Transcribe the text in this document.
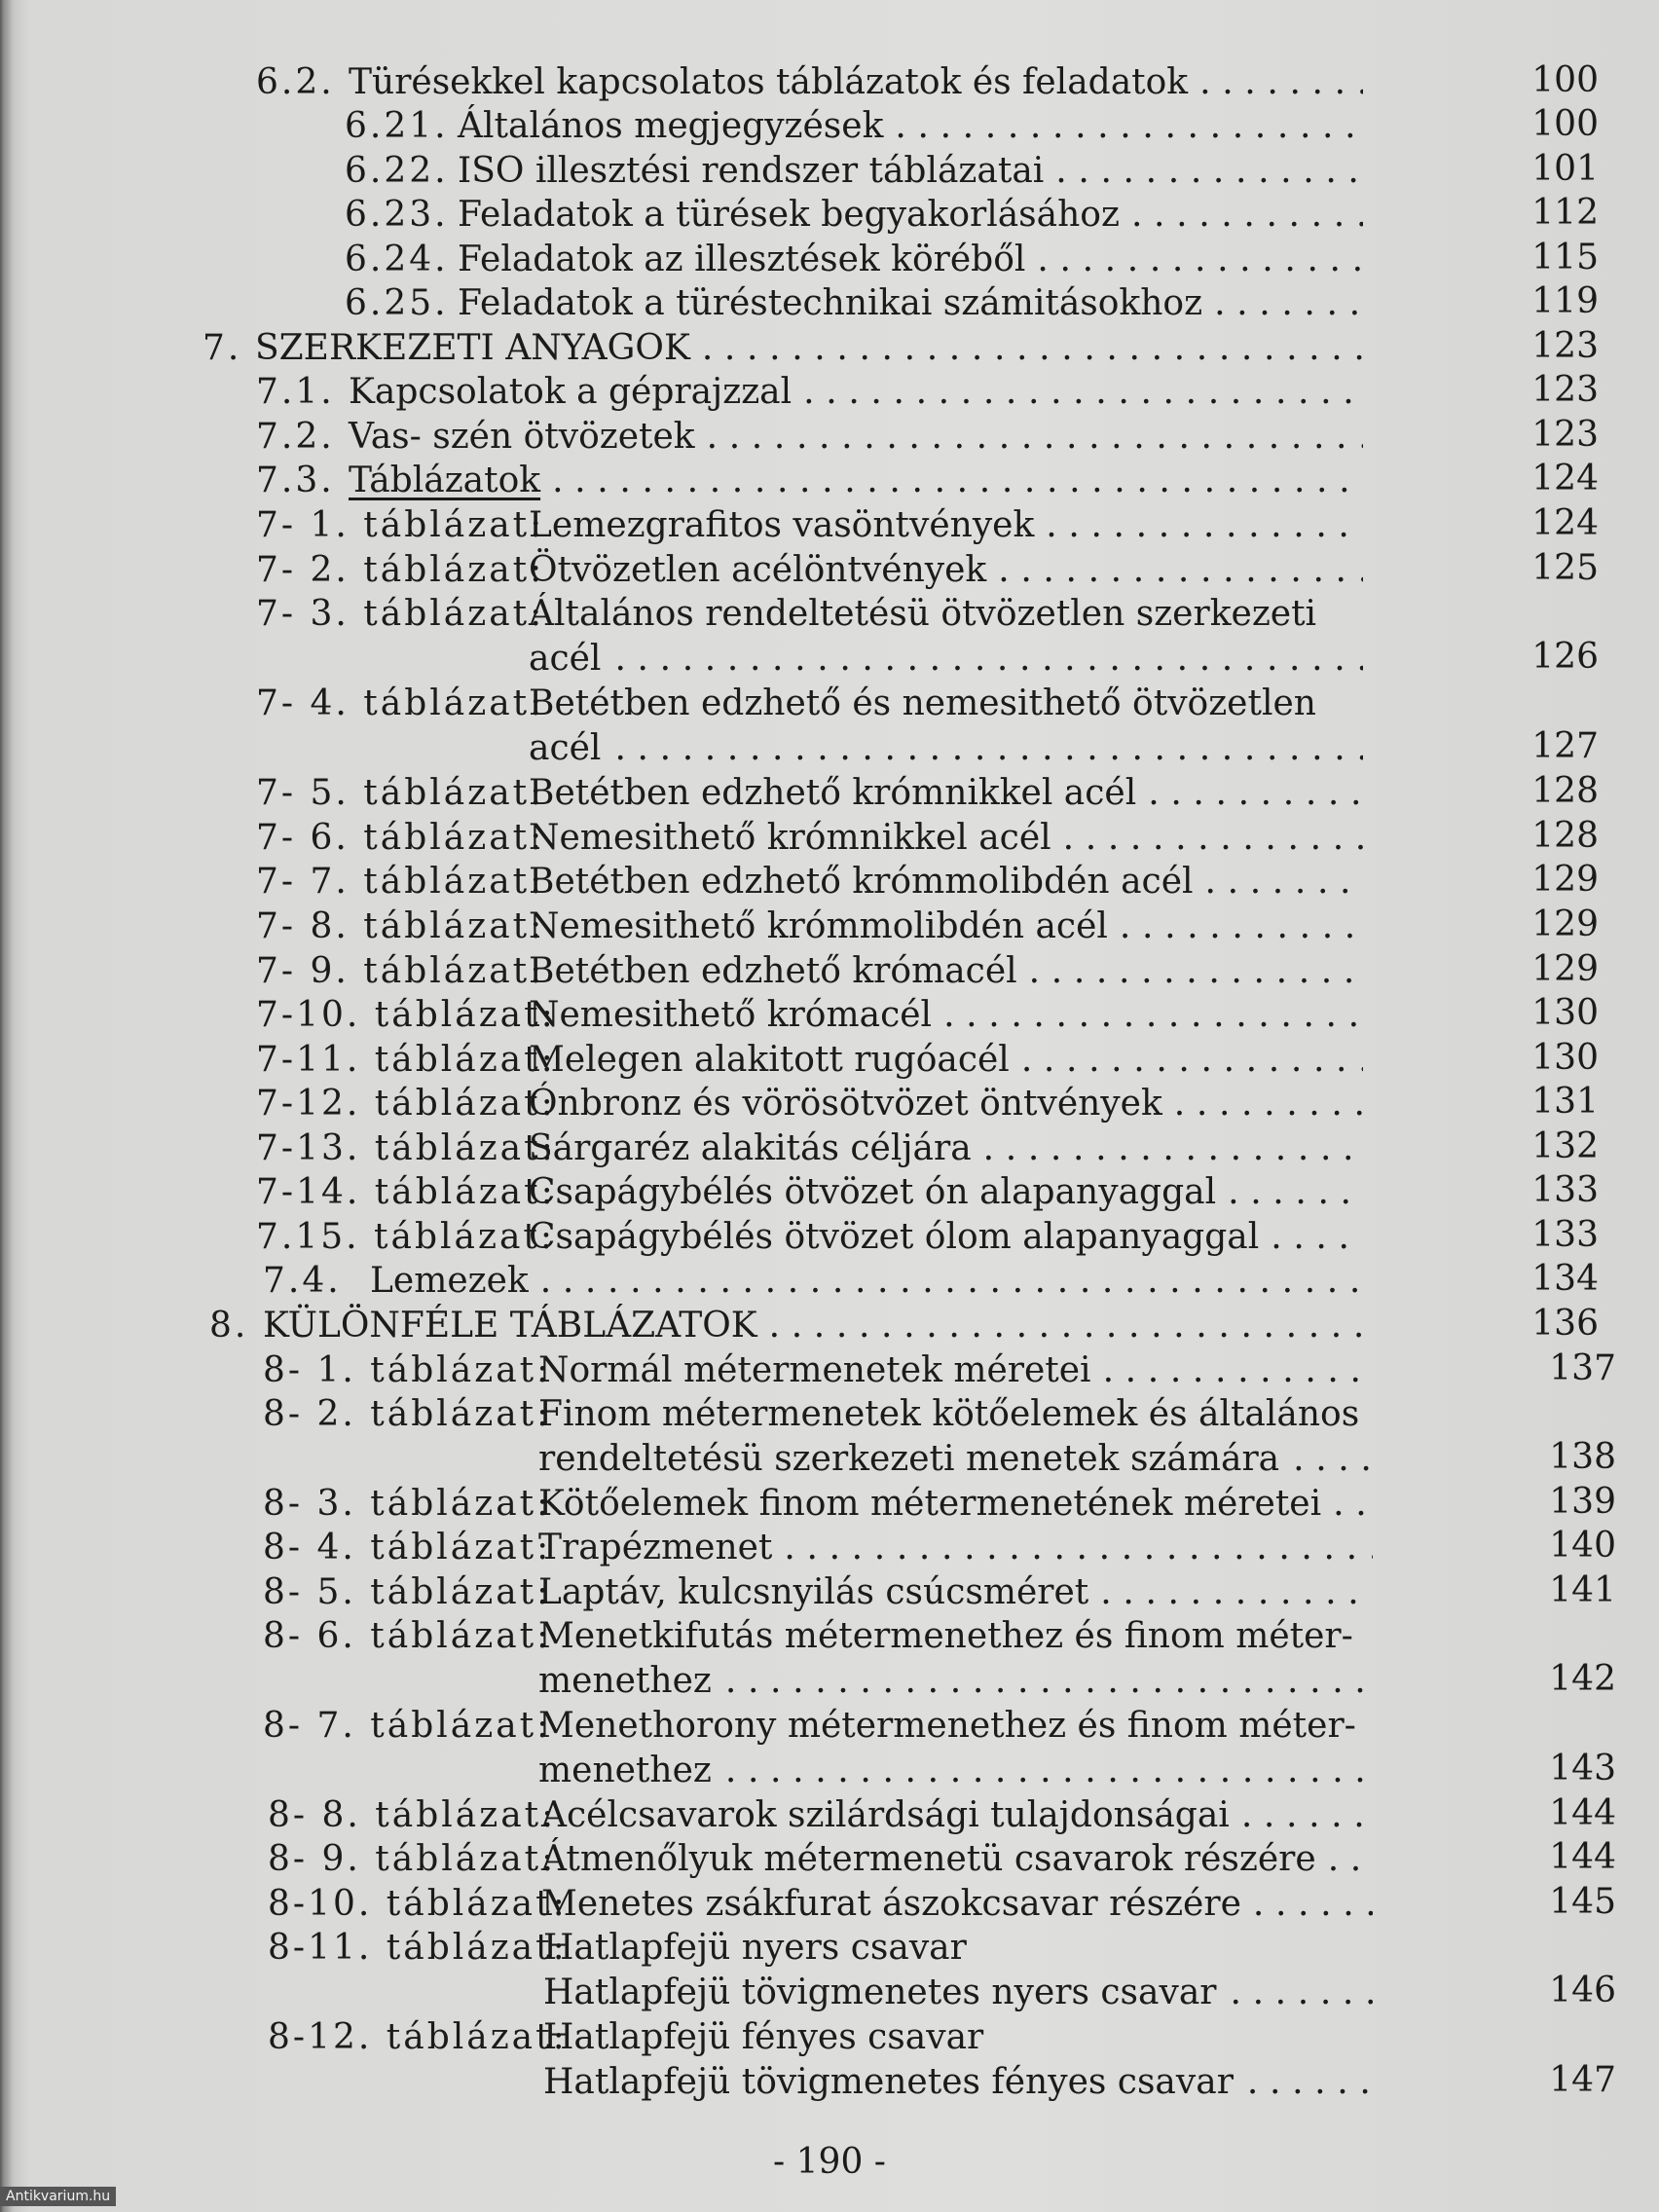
6.2. Türésekkel kapcsolatos táblázatok és feladatok . . .	100
6.21. Általános megjegyzések . . .	100
6.22. ISO illesztési rendszer táblázatai . . .	101
6.23. Feladatok a türések begyakorlásához . . .	112
6.24. Feladatok az illesztések köréből . . .	115
6.25. Feladatok a türéstechnikai számitásokhoz . . .	119
7. SZERKEZETI ANYAGOK . . .	123
7.1. Kapcsolatok a géprajzzal . . .	123
7.2. Vas- szén ötvözetek . . .	123
7.3. Táblázatok . . .	124
7- 1. táblázat:
Lemezgrafitos vasöntvények . . .	124
7- 2. táblázat:
Ötvözetlen acélöntvények . . .	125
7- 3. táblázat:
Általános rendeltetésü ötvözetlen szerkezeti
acél . . .	126
7- 4. táblázat:
Betétben edzhető és nemesithető ötvözetlen
acél . . .	127
7- 5. táblázat:
Betétben edzhető krómnikkel acél . . .	128
7- 6. táblázat:
Nemesithető krómnikkel acél . . .	128
7- 7. táblázat:
Betétben edzhető krómmolibdén acél . . .	129
7- 8. táblázat:
Nemesithető krómmolibdén acél . . .	129
7- 9. táblázat:
Betétben edzhető krómacél . . .	129
7-10. táblázat:
Nemesithető krómacél . . .	130
7-11. táblázat:
Melegen alakitott rugóacél . . .	130
7-12. táblázat:
Ónbronz és vörösötvözet öntvények . . .	131
7-13. táblázat:
Sárgaréz alakitás céljára . . .	132
7-14. táblázat:
Csapágybélés ötvözet ón alapanyaggal . . .	133
7.15. táblázat:
Csapágybélés ötvözet ólom alapanyaggal . . .	133
7.4. Lemezek . . .	134
8. KÜLÖNFÉLE TÁBLÁZATOK . . .	136
8- 1. táblázat:
Normál métermenetek méretei . . .	137
8- 2. táblázat:
Finom métermenetek kötőelemek és általános
rendeltetésü szerkezeti menetek számára . . .	138
8- 3. táblázat:
Kötőelemek finom métermenetének méretei . . .	139
8- 4. táblázat:
Trapézmenet . . .	140
8- 5. táblázat:
Laptáv, kulcsnyilás csúcsméret . . .	141
8- 6. táblázat:
Menetkifutás métermenethez és finom méter-
menethez . . .	142
8- 7. táblázat:
Menethorony métermenethez és finom méter-
menethez . . .	143
8- 8. táblázat:
Acélcsavarok szilárdsági tulajdonságai . . .	144
8- 9. táblázat:
Átmenőlyuk métermenetü csavarok részére . . .	144
8-10. táblázat:
Menetes zsákfurat ászokcsavar részére . . .	145
8-11. táblázat:
Hatlapfejü nyers csavar
Hatlapfejü tövigmenetes nyers csavar . . .	146
8-12. táblázat:
Hatlapfejü fényes csavar
Hatlapfejü tövigmenetes fényes csavar . . .	147
- 190 -
Antikvarium.hu
